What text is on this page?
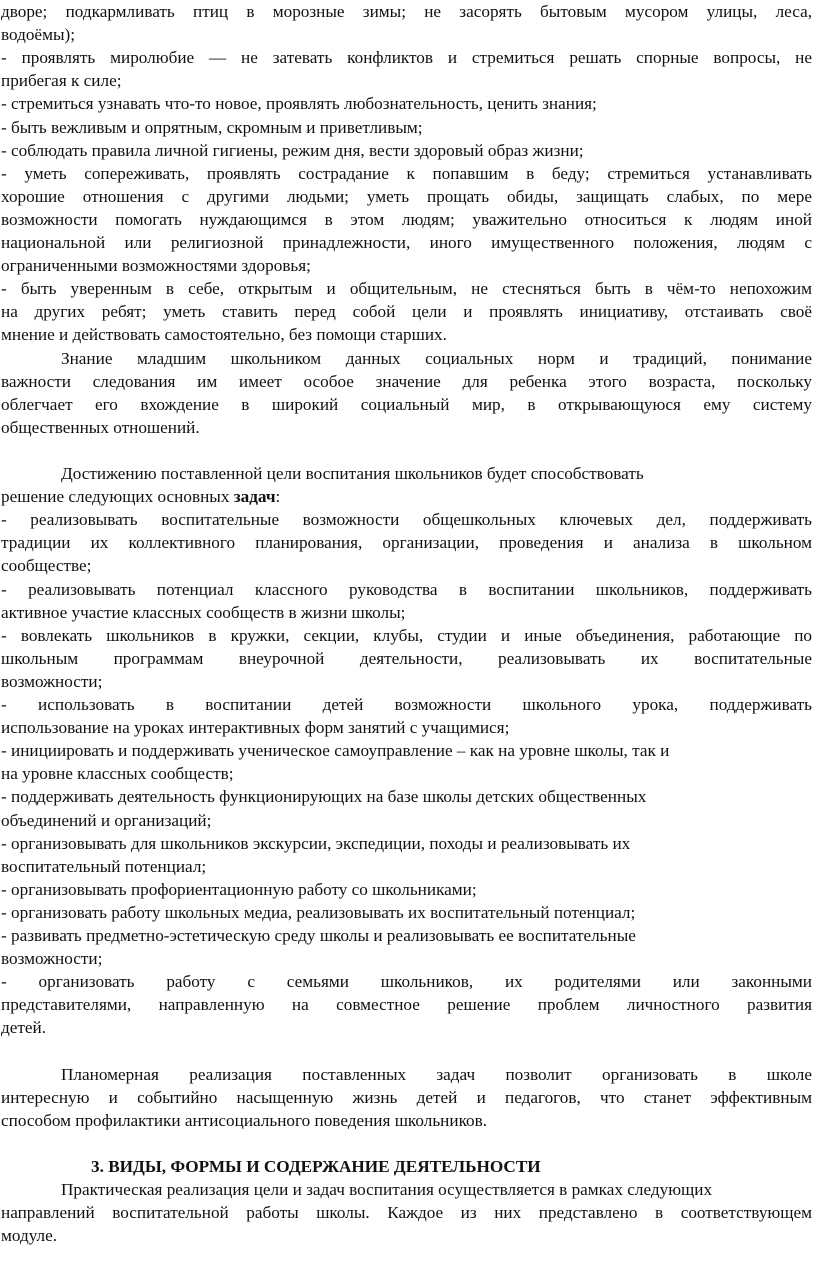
дворе; подкармливать птиц в морозные зимы; не засорять бытовым мусором улицы, леса,
водоёмы);
- проявлять миролюбие — не затевать конфликтов и стремиться решать спорные вопросы, не
прибегая к силе;
- стремиться узнавать что-то новое, проявлять любознательность, ценить знания;
- быть вежливым и опрятным, скромным и приветливым;
- соблюдать правила личной гигиены, режим дня, вести здоровый образ жизни;
- уметь сопереживать, проявлять сострадание к попавшим в беду; стремиться устанавливать
хорошие отношения с другими людьми; уметь прощать обиды, защищать слабых, по мере
возможности помогать нуждающимся в этом людям; уважительно относиться к людям иной
национальной или религиозной принадлежности, иного имущественного положения, людям с
ограниченными возможностями здоровья;
- быть уверенным в себе, открытым и общительным, не стесняться быть в чём-то непохожим
на других ребят; уметь ставить перед собой цели и проявлять инициативу, отстаивать своё
мнение и действовать самостоятельно, без помощи старших.
Знание младшим школьником данных социальных норм и традиций, понимание
важности следования им имеет особое значение для ребенка этого возраста, поскольку
облегчает его вхождение в широкий социальный мир, в открывающуюся ему систему
общественных отношений.
Достижению поставленной цели воспитания школьников будет способствовать
решение следующих основных задач:
- реализовывать воспитательные возможности общешкольных ключевых дел, поддерживать
традиции их коллективного планирования, организации, проведения и анализа в школьном
сообществе;
- реализовывать потенциал классного руководства в воспитании школьников, поддерживать
активное участие классных сообществ в жизни школы;
- вовлекать школьников в кружки, секции, клубы, студии и иные объединения, работающие по
школьным программам внеурочной деятельности, реализовывать их воспитательные
возможности;
- использовать в воспитании детей возможности школьного урока, поддерживать
использование на уроках интерактивных форм занятий с учащимися;
- инициировать и поддерживать ученическое самоуправление – как на уровне школы, так и
на уровне классных сообществ;
- поддерживать деятельность функционирующих на базе школы детских общественных
объединений и организаций;
- организовывать для школьников экскурсии, экспедиции, походы и реализовывать их
воспитательный потенциал;
- организовывать профориентационную работу со школьниками;
- организовать работу школьных медиа, реализовывать их воспитательный потенциал;
- развивать предметно-эстетическую среду школы и реализовывать ее воспитательные
возможности;
- организовать работу с семьями школьников, их родителями или законными
представителями, направленную на совместное решение проблем личностного развития
детей.
Планомерная реализация поставленных задач позволит организовать в школе
интересную и событийно насыщенную жизнь детей и педагогов, что станет эффективным
способом профилактики антисоциального поведения школьников.
3. ВИДЫ, ФОРМЫ И СОДЕРЖАНИЕ ДЕЯТЕЛЬНОСТИ
Практическая реализация цели и задач воспитания осуществляется в рамках следующих
направлений воспитательной работы школы. Каждое из них представлено в соответствующем
модуле.
